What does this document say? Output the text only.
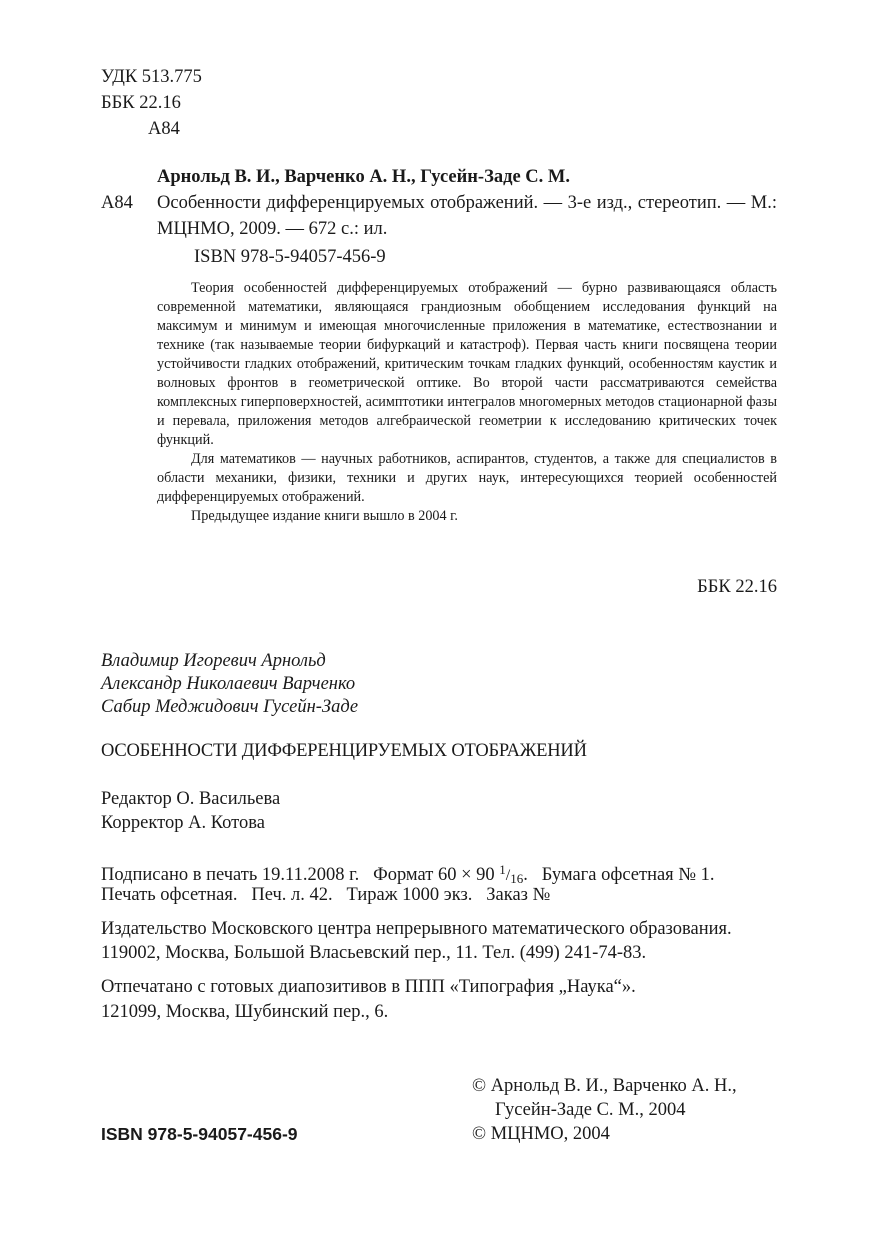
УДК 513.775
ББК 22.16
А84
Арнольд В. И., Варченко А. Н., Гусейн-Заде С. М.
А84 Особенности дифференцируемых отображений. — 3-е изд., стереотип. — М.: МЦНМО, 2009. — 672 с.: ил.
ISBN 978-5-94057-456-9

Теория особенностей дифференцируемых отображений — бурно развивающаяся область современной математики, являющаяся грандиозным обобщением исследования функций на максимум и минимум и имеющая многочисленные приложения в математике, естествознании и технике (так называемые теории бифуркаций и катастроф). Первая часть книги посвящена теории устойчивости гладких отображений, критическим точкам гладких функций, особенностям каустик и волновых фронтов в геометрической оптике. Во второй части рассматриваются семейства комплексных гиперповерхностей, асимптотики интегралов многомерных методов стационарной фазы и перевала, приложения методов алгебраической геометрии к исследованию критических точек функций.

Для математиков — научных работников, аспирантов, студентов, а также для специалистов в области механики, физики, техники и других наук, интересующихся теорией особенностей дифференцируемых отображений.

Предыдущее издание книги вышло в 2004 г.

ББК 22.16
Владимир Игоревич Арнольд
Александр Николаевич Варченко
Сабир Меджидович Гусейн-Заде
ОСОБЕННОСТИ ДИФФЕРЕНЦИРУЕМЫХ ОТОБРАЖЕНИЙ
Редактор О. Васильева
Корректор А. Котова
Подписано в печать 19.11.2008 г.   Формат 60 × 90 $^1/_{16}$.   Бумага офсетная № 1.
Печать офсетная.   Печ. л. 42.   Тираж 1000 экз.   Заказ №
Издательство Московского центра непрерывного математического образования.
119002, Москва, Большой Власьевский пер., 11. Тел. (499) 241-74-83.
Отпечатано с готовых диапозитивов в ППП «Типография „Наука“».
121099, Москва, Шубинский пер., 6.
© Арнольд В. И., Варченко А. Н.,
Гусейн-Заде С. М., 2004
© МЦНМО, 2004
ISBN 978-5-94057-456-9
